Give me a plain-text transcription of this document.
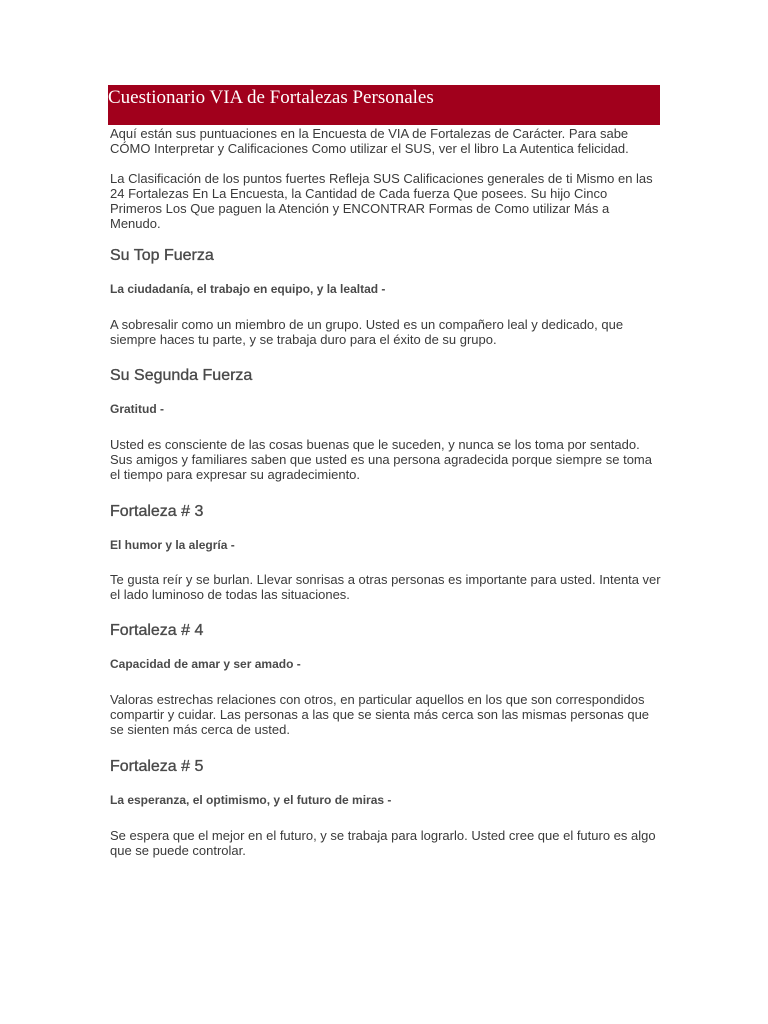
Cuestionario VIA de Fortalezas Personales

Aquí están sus puntuaciones en la Encuesta de VIA de Fortalezas de Carácter. Para sabe CÓMO Interpretar y Calificaciones Como utilizar el SUS, ver el libro La Autentica felicidad.

La Clasificación de los puntos fuertes Refleja SUS Calificaciones generales de ti Mismo en las 24 Fortalezas En La Encuesta, la Cantidad de Cada fuerza Que posees. Su hijo Cinco Primeros Los Que paguen la Atención y ENCONTRAR Formas de Como utilizar Más a Menudo.

Su Top Fuerza

La ciudadanía, el trabajo en equipo, y la lealtad -

A sobresalir como un miembro de un grupo. Usted es un compañero leal y dedicado, que siempre haces tu parte, y se trabaja duro para el éxito de su grupo.

Su Segunda Fuerza

Gratitud -

Usted es consciente de las cosas buenas que le suceden, y nunca se los toma por sentado. Sus amigos y familiares saben que usted es una persona agradecida porque siempre se toma el tiempo para expresar su agradecimiento.

Fortaleza # 3

El humor y la alegría -

Te gusta reír y se burlan. Llevar sonrisas a otras personas es importante para usted. Intenta ver el lado luminoso de todas las situaciones.

Fortaleza # 4

Capacidad de amar y ser amado -

Valoras estrechas relaciones con otros, en particular aquellos en los que son correspondidos compartir y cuidar. Las personas a las que se sienta más cerca son las mismas personas que se sienten más cerca de usted.

Fortaleza # 5

La esperanza, el optimismo, y el futuro de miras -

Se espera que el mejor en el futuro, y se trabaja para lograrlo. Usted cree que el futuro es algo que se puede controlar.
